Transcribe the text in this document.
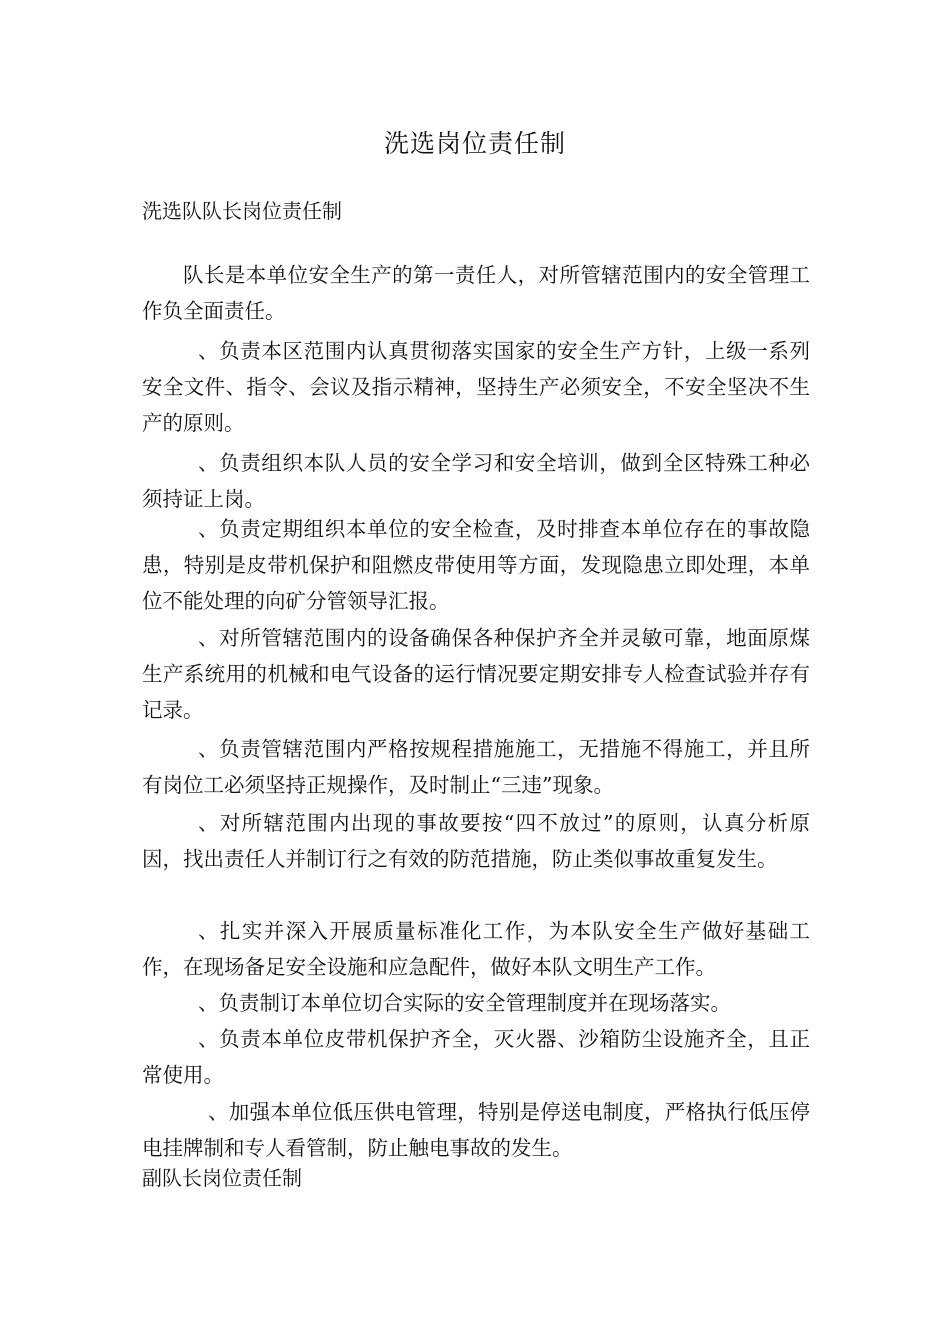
洗选岗位责任制
洗选队队长岗位责任制

队长是本单位安全生产的第一责任人，对所管辖范围内的安全管理工作负全面责任。

、负责本区范围内认真贯彻落实国家的安全生产方针，上级一系列安全文件、指令、会议及指示精神，坚持生产必须安全，不安全坚决不生产的原则。

、负责组织本队人员的安全学习和安全培训，做到全区特殊工种必须持证上岗。

、负责定期组织本单位的安全检查，及时排查本单位存在的事故隐患，特别是皮带机保护和阻燃皮带使用等方面，发现隐患立即处理，本单位不能处理的向矿分管领导汇报。

、对所管辖范围内的设备确保各种保护齐全并灵敏可靠，地面原煤生产系统用的机械和电气设备的运行情况要定期安排专人检查试验并存有记录。

、负责管辖范围内严格按规程措施施工，无措施不得施工，并且所有岗位工必须坚持正规操作，及时制止“三违”现象。

、对所辖范围内出现的事故要按“四不放过”的原则，认真分析原因，找出责任人并制订行之有效的防范措施，防止类似事故重复发生。

、扎实并深入开展质量标准化工作，为本队安全生产做好基础工作，在现场备足安全设施和应急配件，做好本队文明生产工作。

、负责制订本单位切合实际的安全管理制度并在现场落实。

、负责本单位皮带机保护齐全，灭火器、沙箱防尘设施齐全，且正常使用。

、加强本单位低压供电管理，特别是停送电制度，严格执行低压停电挂牌制和专人看管制，防止触电事故的发生。

副队长岗位责任制
